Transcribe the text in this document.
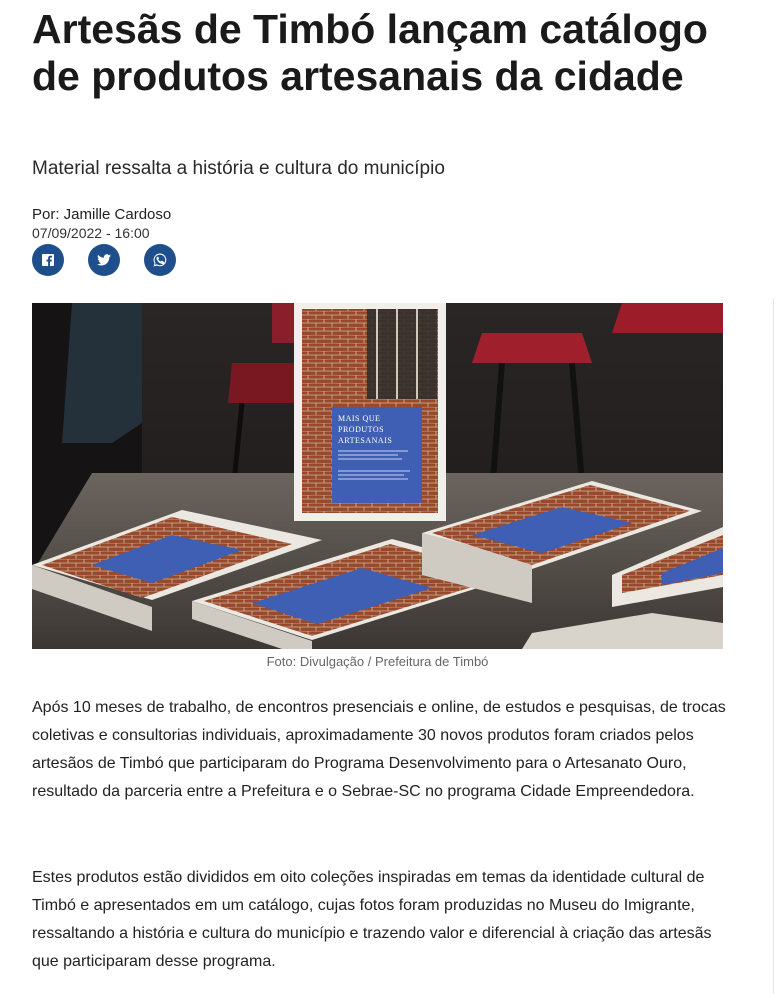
Artesãs de Timbó lançam catálogo de produtos artesanais da cidade

Material ressalta a história e cultura do município

Por: Jamille Cardoso
07/09/2022 - 16:00
MAIS QUE
PRODUTOS
ARTESANAIS
Foto: Divulgação / Prefeitura de Timbó

Após 10 meses de trabalho, de encontros presenciais e online, de estudos e pesquisas, de trocas coletivas e consultorias individuais, aproximadamente 30 novos produtos foram criados pelos artesãos de Timbó que participaram do Programa Desenvolvimento para o Artesanato Ouro, resultado da parceria entre a Prefeitura e o Sebrae-SC no programa Cidade Empreendedora.

Estes produtos estão divididos em oito coleções inspiradas em temas da identidade cultural de Timbó e apresentados em um catálogo, cujas fotos foram produzidas no Museu do Imigrante, ressaltando a história e cultura do município e trazendo valor e diferencial à criação das artesãs que participaram desse programa.
